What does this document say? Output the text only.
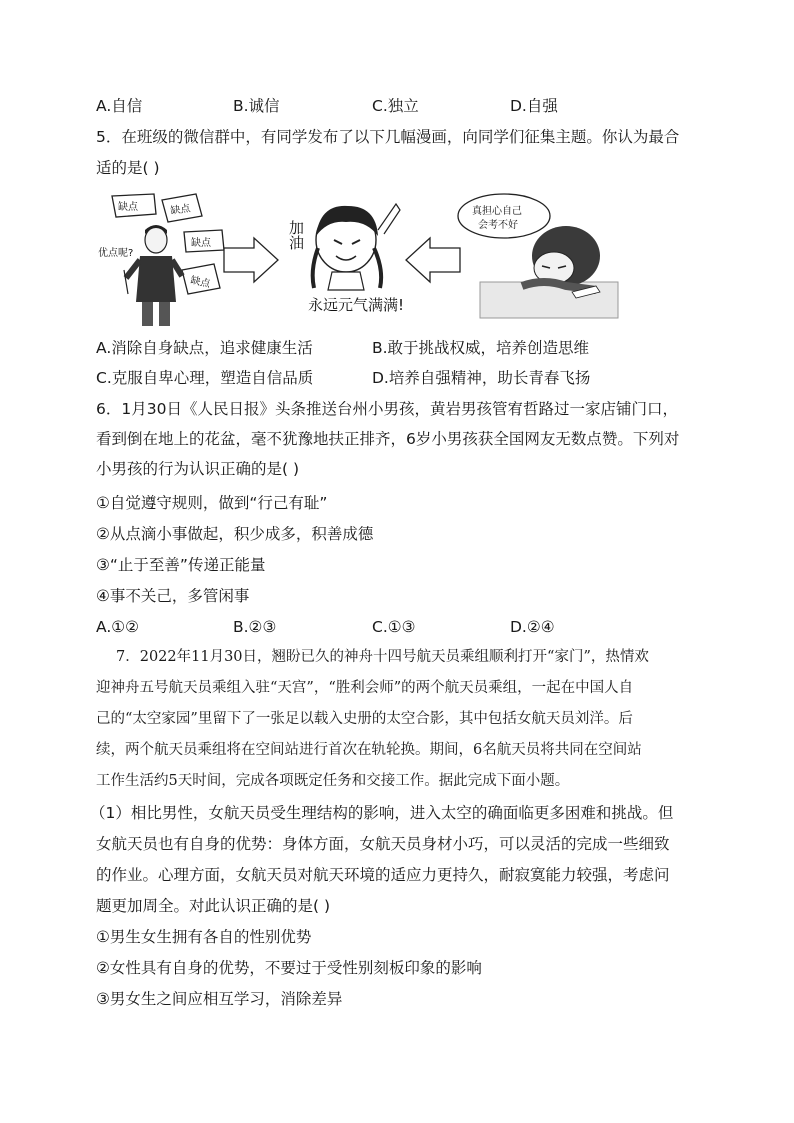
A.自信	B.诚信	C.独立	D.自强
5．在班级的微信群中，有同学发布了以下几幅漫画，向同学们征集主题。你认为最合
适的是( )
缺点	缺点
缺点
缺点
优点呢?
加油
永远元气满满!
真担心自己
会考不好
A.消除自身缺点，追求健康生活	B.敢于挑战权威，培养创造思维
C.克服自卑心理，塑造自信品质	D.培养自强精神，助长青春飞扬
6．1月30日《人民日报》头条推送台州小男孩，黄岩男孩管宥哲路过一家店铺门口，
看到倒在地上的花盆，毫不犹豫地扶正排齐，6岁小男孩获全国网友无数点赞。下列对
小男孩的行为认识正确的是( )
①自觉遵守规则，做到“行己有耻”
②从点滴小事做起，积少成多，积善成德
③“止于至善”传递正能量
④事不关己，多管闲事
A.①②	B.②③	C.①③	D.②④
7．2022年11月30日，翘盼已久的神舟十四号航天员乘组顺利打开“家门”，热情欢
迎神舟五号航天员乘组入驻“天宫”，“胜利会师”的两个航天员乘组，一起在中国人自
己的“太空家园”里留下了一张足以载入史册的太空合影，其中包括女航天员刘洋。后
续，两个航天员乘组将在空间站进行首次在轨轮换。期间，6名航天员将共同在空间站
工作生活约5天时间，完成各项既定任务和交接工作。据此完成下面小题。
（1）相比男性，女航天员受生理结构的影响，进入太空的确面临更多困难和挑战。但
女航天员也有自身的优势：身体方面，女航天员身材小巧，可以灵活的完成一些细致
的作业。心理方面，女航天员对航天环境的适应力更持久，耐寂寞能力较强，考虑问
题更加周全。对此认识正确的是( )
①男生女生拥有各自的性别优势
②女性具有自身的优势，不要过于受性别刻板印象的影响
③男女生之间应相互学习，消除差异
